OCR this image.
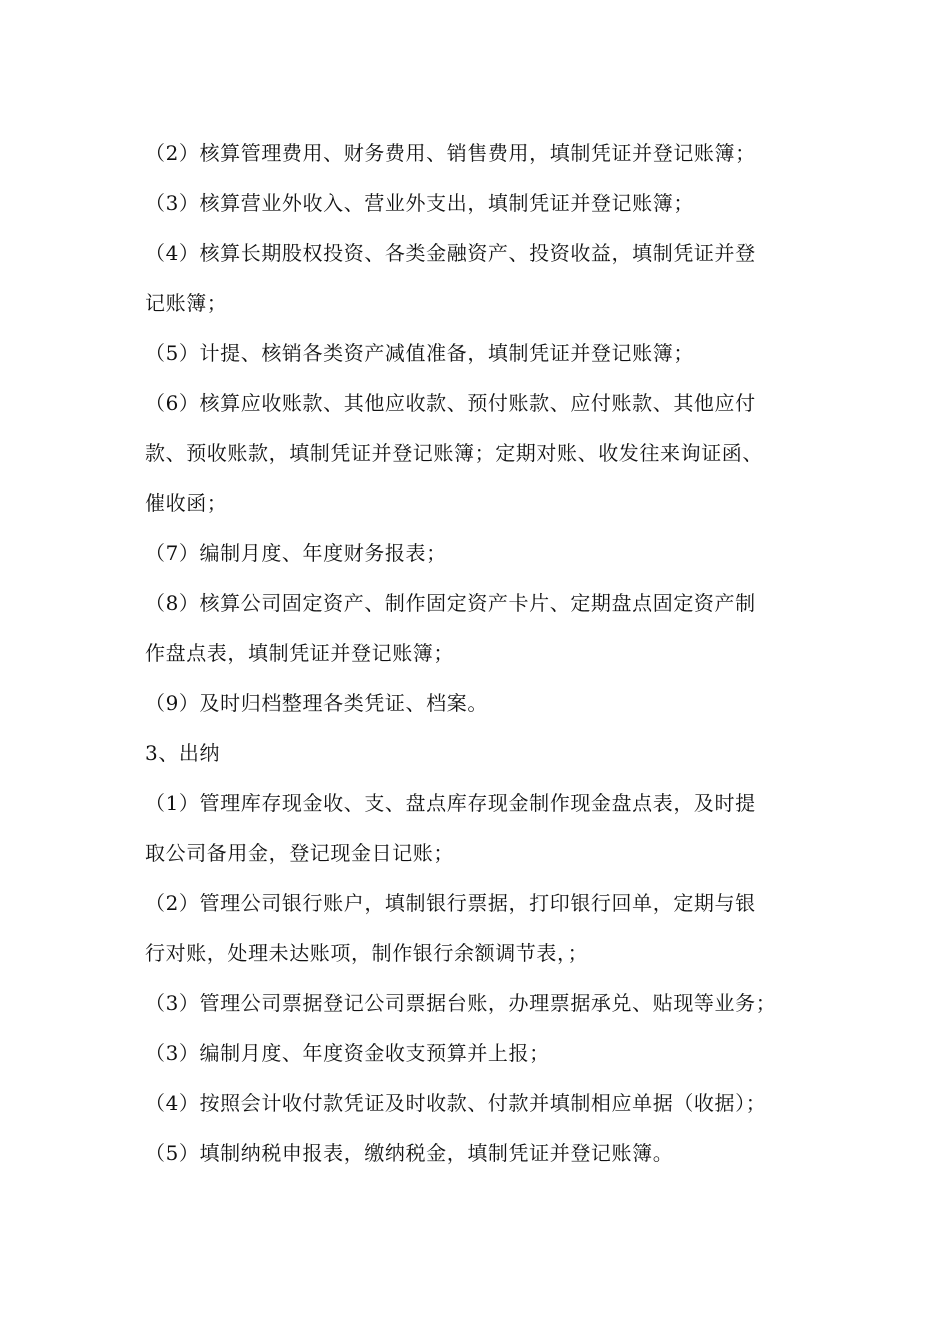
（2）核算管理费用、财务费用、销售费用，填制凭证并登记账簿；
（3）核算营业外收入、营业外支出，填制凭证并登记账簿；
（4）核算长期股权投资、各类金融资产、投资收益，填制凭证并登
记账簿；
（5）计提、核销各类资产减值准备，填制凭证并登记账簿；
（6）核算应收账款、其他应收款、预付账款、应付账款、其他应付
款、预收账款，填制凭证并登记账簿；定期对账、收发往来询证函、
催收函；
（7）编制月度、年度财务报表；
（8）核算公司固定资产、制作固定资产卡片、定期盘点固定资产制
作盘点表，填制凭证并登记账簿；
（9）及时归档整理各类凭证、档案。
3、出纳
（1）管理库存现金收、支、盘点库存现金制作现金盘点表，及时提
取公司备用金，登记现金日记账；
（2）管理公司银行账户，填制银行票据，打印银行回单，定期与银
行对账，处理未达账项，制作银行余额调节表，；
（3）管理公司票据登记公司票据台账，办理票据承兑、贴现等业务；
（3）编制月度、年度资金收支预算并上报；
（4）按照会计收付款凭证及时收款、付款并填制相应单据（收据）；
（5）填制纳税申报表，缴纳税金，填制凭证并登记账簿。
